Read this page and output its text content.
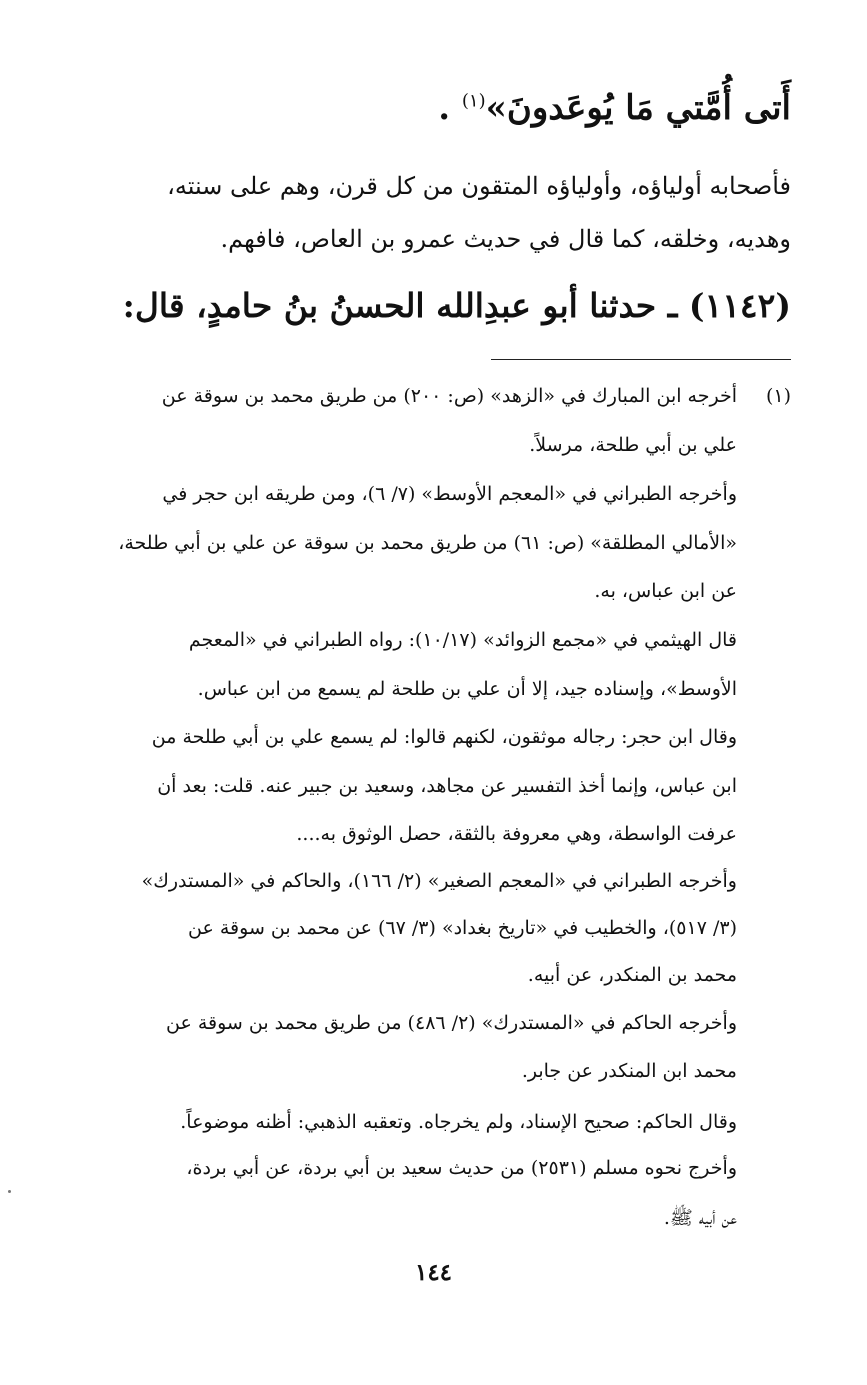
أَتى أُمَّتي مَا يُوعَدونَ»$^{(١)}$ .
فأصحابه أولياؤه، وأولياؤه المتقون من كل قرن، وهم على سنته،
وهديه، وخلقه، كما قال في حديث عمرو بن العاص، فافهم.
(١١٤٢) ـ حدثنا أبو عبدِالله الحسنُ بنُ حامدٍ، قال:
(١)
أخرجه ابن المبارك في «الزهد» (ص: ٢٠٠) من طريق محمد بن سوقة عن
علي بن أبي طلحة، مرسلاً.
وأخرجه الطبراني في «المعجم الأوسط» (٧/ ٦)، ومن طريقه ابن حجر في
«الأمالي المطلقة» (ص: ٦١) من طريق محمد بن سوقة عن علي بن أبي طلحة،
عن ابن عباس، به.
قال الهيثمي في «مجمع الزوائد» (١٠/١٧): رواه الطبراني في «المعجم
الأوسط»، وإسناده جيد، إلا أن علي بن طلحة لم يسمع من ابن عباس.
وقال ابن حجر: رجاله موثقون، لكنهم قالوا: لم يسمع علي بن أبي طلحة من
ابن عباس، وإنما أخذ التفسير عن مجاهد، وسعيد بن جبير عنه. قلت: بعد أن
عرفت الواسطة، وهي معروفة بالثقة، حصل الوثوق به....
وأخرجه الطبراني في «المعجم الصغير» (٢/ ١٦٦)، والحاكم في «المستدرك»
(٣/ ٥١٧)، والخطيب في «تاريخ بغداد» (٣/ ٦٧) عن محمد بن سوقة عن
محمد بن المنكدر، عن أبيه.
وأخرجه الحاكم في «المستدرك» (٢/ ٤٨٦) من طريق محمد بن سوقة عن
محمد ابن المنكدر عن جابر.
وقال الحاكم: صحيح الإسناد، ولم يخرجاه. وتعقبه الذهبي: أظنه موضوعاً.
وأخرج نحوه مسلم (٢٥٣١) من حديث سعيد بن أبي بردة، عن أبي بردة،
عن أبيه ﷺ.
١٤٤
